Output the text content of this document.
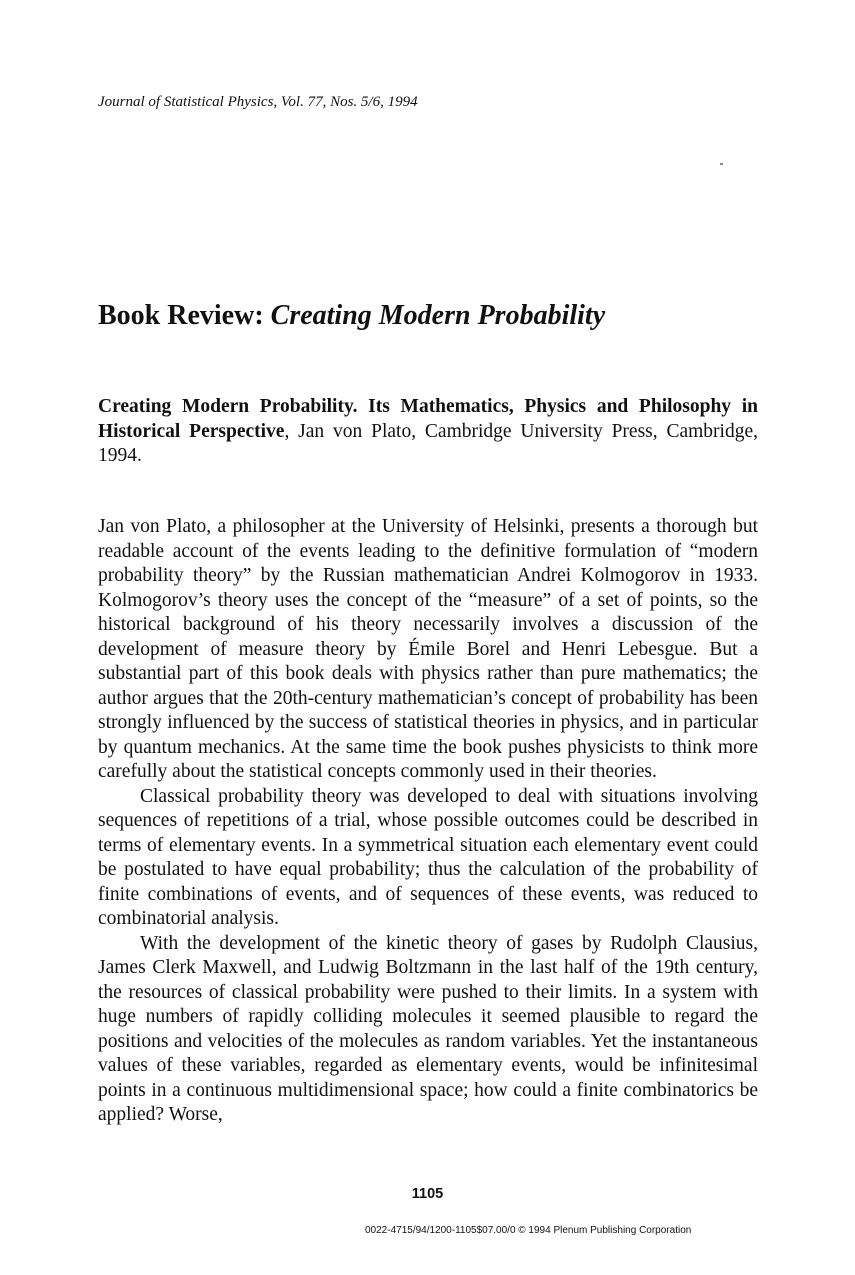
Journal of Statistical Physics, Vol. 77, Nos. 5/6, 1994
Book Review: Creating Modern Probability
Creating Modern Probability. Its Mathematics, Physics and Philosophy in Historical Perspective, Jan von Plato, Cambridge University Press, Cambridge, 1994.

Jan von Plato, a philosopher at the University of Helsinki, presents a thorough but readable account of the events leading to the definitive formulation of “modern probability theory” by the Russian mathematician Andrei Kolmogorov in 1933. Kolmogorov’s theory uses the concept of the “measure” of a set of points, so the historical background of his theory necessarily involves a discussion of the development of measure theory by Émile Borel and Henri Lebesgue. But a substantial part of this book deals with physics rather than pure mathematics; the author argues that the 20th-century mathematician’s concept of probability has been strongly influenced by the success of statistical theories in physics, and in particular by quantum mechanics. At the same time the book pushes physicists to think more carefully about the statistical concepts commonly used in their theories.

Classical probability theory was developed to deal with situations involving sequences of repetitions of a trial, whose possible outcomes could be described in terms of elementary events. In a symmetrical situation each elementary event could be postulated to have equal probability; thus the calculation of the probability of finite combinations of events, and of sequences of these events, was reduced to combinatorial analysis.

With the development of the kinetic theory of gases by Rudolph Clausius, James Clerk Maxwell, and Ludwig Boltzmann in the last half of the 19th century, the resources of classical probability were pushed to their limits. In a system with huge numbers of rapidly colliding molecules it seemed plausible to regard the positions and velocities of the molecules as random variables. Yet the instantaneous values of these variables, regarded as elementary events, would be infinitesimal points in a continuous multidimensional space; how could a finite combinatorics be applied? Worse,

1105
0022-4715/94/1200-1105$07.00/0 © 1994 Plenum Publishing Corporation
